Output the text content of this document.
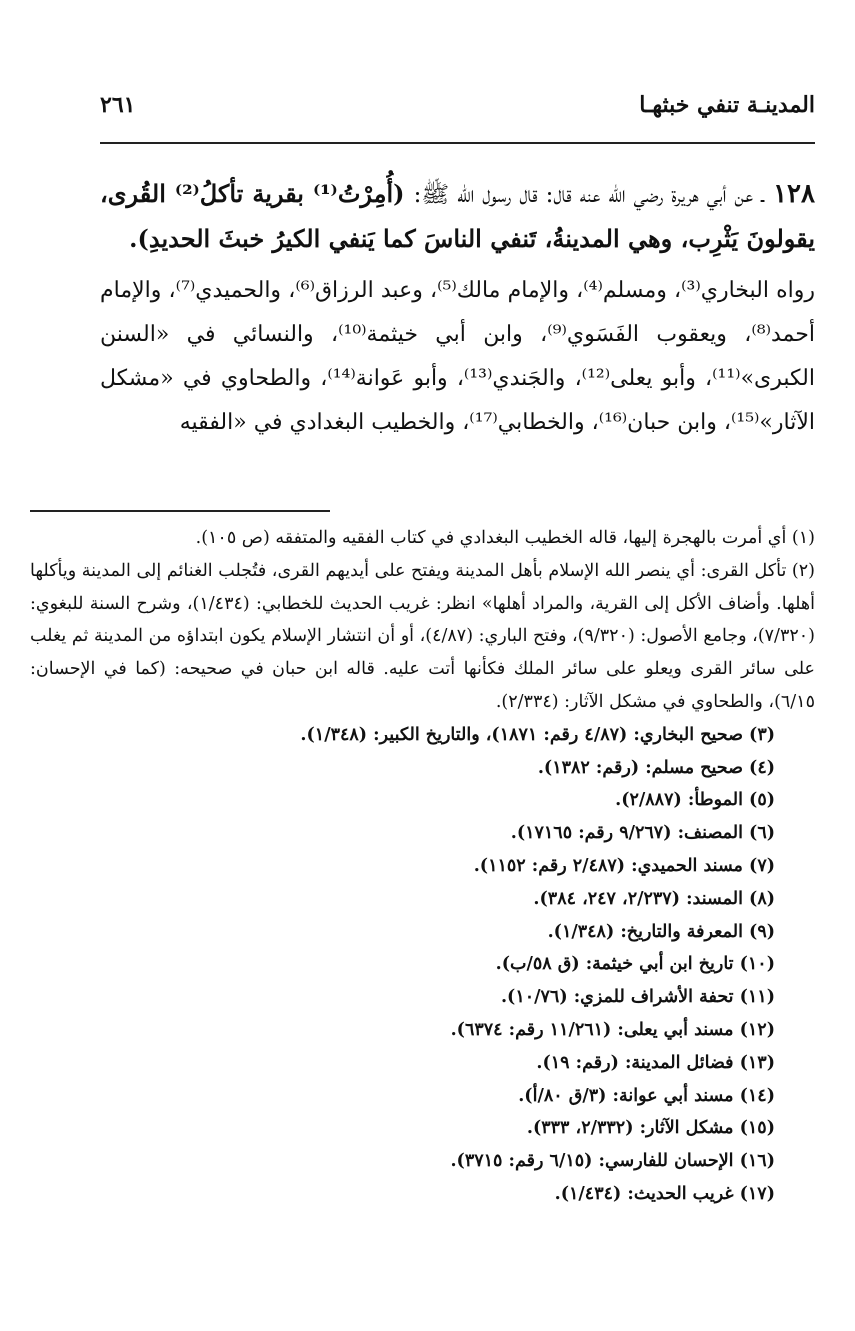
المدينـة تنفي خبثهـا
٢٦١

١٢٨ ـ عن أبي هريرة رضي الله عنه قال: قال رسول الله ﷺ: (أُمِرْتُ⁽¹⁾ بقرية تأكلُ⁽²⁾ القُرى، يقولونَ يَثْرِب، وهي المدينةُ، تَنفي الناسَ كما يَنفي الكيرُ خبثَ الحديدِ).

رواه البخاري⁽³⁾، ومسلم⁽⁴⁾، والإمام مالك⁽⁵⁾، وعبد الرزاق⁽⁶⁾، والحميدي⁽⁷⁾، والإمام أحمد⁽⁸⁾، ويعقوب الفَسَوي⁽⁹⁾، وابن أبي خيثمة⁽¹⁰⁾، والنسائي في «السنن الكبرى»⁽¹¹⁾، وأبو يعلى⁽¹²⁾، والجَندي⁽¹³⁾، وأبو عَوانة⁽¹⁴⁾، والطحاوي في «مشكل الآثار»⁽¹⁵⁾، وابن حبان⁽¹⁶⁾، والخطابي⁽¹⁷⁾، والخطيب البغدادي في «الفقيه

(١) أي أمرت بالهجرة إليها، قاله الخطيب البغدادي في كتاب الفقيه والمتفقه (ص ١٠٥).

(٢) تأكل القرى: أي ينصر الله الإسلام بأهل المدينة ويفتح على أيديهم القرى، فتُجلب الغنائم إلى المدينة ويأكلها أهلها. وأضاف الأكل إلى القرية، والمراد أهلها» انظر: غريب الحديث للخطابي: (١/٤٣٤)، وشرح السنة للبغوي: (٧/٣٢٠)، وجامع الأصول: (٩/٣٢٠)، وفتح الباري: (٤/٨٧)، أو أن انتشار الإسلام يكون ابتداؤه من المدينة ثم يغلب على سائر القرى ويعلو على سائر الملك فكأنها أتت عليه. قاله ابن حبان في صحيحه: (كما في الإحسان: ٦/١٥)، والطحاوي في مشكل الآثار: (٢/٣٣٤).

(٣) صحيح البخاري: (٤/٨٧ رقم: ١٨٧١)، والتاريخ الكبير: (١/٣٤٨).
(٤) صحيح مسلم: (رقم: ١٣٨٢).
(٥) الموطأ: (٢/٨٨٧).
(٦) المصنف: (٩/٢٦٧ رقم: ١٧١٦٥).
(٧) مسند الحميدي: (٢/٤٨٧ رقم: ١١٥٢).
(٨) المسند: (٢/٢٣٧، ٢٤٧، ٣٨٤).
(٩) المعرفة والتاريخ: (١/٣٤٨).
(١٠) تاريخ ابن أبي خيثمة: (ق ٥٨/ب).
(١١) تحفة الأشراف للمزي: (١٠/٧٦).
(١٢) مسند أبي يعلى: (١١/٢٦١ رقم: ٦٣٧٤).
(١٣) فضائل المدينة: (رقم: ١٩).
(١٤) مسند أبي عوانة: (٣/ق ٨٠/أ).
(١٥) مشكل الآثار: (٢/٣٣٢، ٣٣٣).
(١٦) الإحسان للفارسي: (٦/١٥ رقم: ٣٧١٥).
(١٧) غريب الحديث: (١/٤٣٤).
